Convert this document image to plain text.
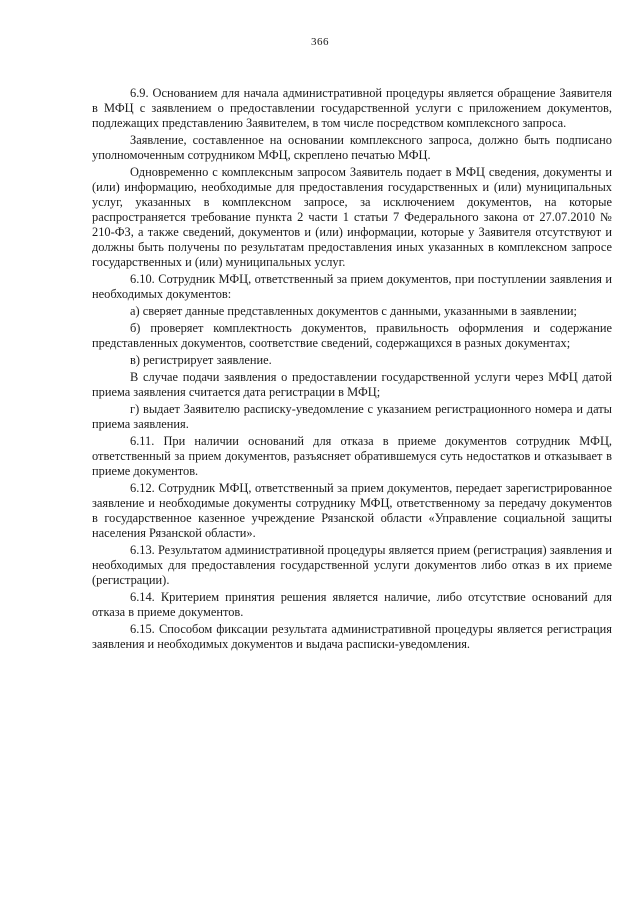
366

6.9. Основанием для начала административной процедуры является обращение Заявителя в МФЦ с заявлением о предоставлении государственной услуги с приложением документов, подлежащих представлению Заявителем, в том числе посредством комплексного запроса.

Заявление, составленное на основании комплексного запроса, должно быть подписано уполномоченным сотрудником МФЦ, скреплено печатью МФЦ.

Одновременно с комплексным запросом Заявитель подает в МФЦ сведения, документы и (или) информацию, необходимые для предоставления государственных и (или) муниципальных услуг, указанных в комплексном запросе, за исключением документов, на которые распространяется требование пункта 2 части 1 статьи 7 Федерального закона от 27.07.2010 № 210-ФЗ, а также сведений, документов и (или) информации, которые у Заявителя отсутствуют и должны быть получены по результатам предоставления иных указанных в комплексном запросе государственных и (или) муниципальных услуг.

6.10. Сотрудник МФЦ, ответственный за прием документов, при поступлении заявления и необходимых документов:

а) сверяет данные представленных документов с данными, указанными в заявлении;

б) проверяет комплектность документов, правильность оформления и содержание представленных документов, соответствие сведений, содержащихся в разных документах;

в) регистрирует заявление.

В случае подачи заявления о предоставлении государственной услуги через МФЦ датой приема заявления считается дата регистрации в МФЦ;

г) выдает Заявителю расписку-уведомление с указанием регистрационного номера и даты приема заявления.

6.11. При наличии оснований для отказа в приеме документов сотрудник МФЦ, ответственный за прием документов, разъясняет обратившемуся суть недостатков и отказывает в приеме документов.

6.12. Сотрудник МФЦ, ответственный за прием документов, передает зарегистрированное заявление и необходимые документы сотруднику МФЦ, ответственному за передачу документов в государственное казенное учреждение Рязанской области «Управление социальной защиты населения Рязанской области».

6.13. Результатом административной процедуры является прием (регистрация) заявления и необходимых для предоставления государственной услуги документов либо отказ в их приеме (регистрации).

6.14. Критерием принятия решения является наличие, либо отсутствие оснований для отказа в приеме документов.

6.15. Способом фиксации результата административной процедуры является регистрация заявления и необходимых документов и выдача расписки-уведомления.
